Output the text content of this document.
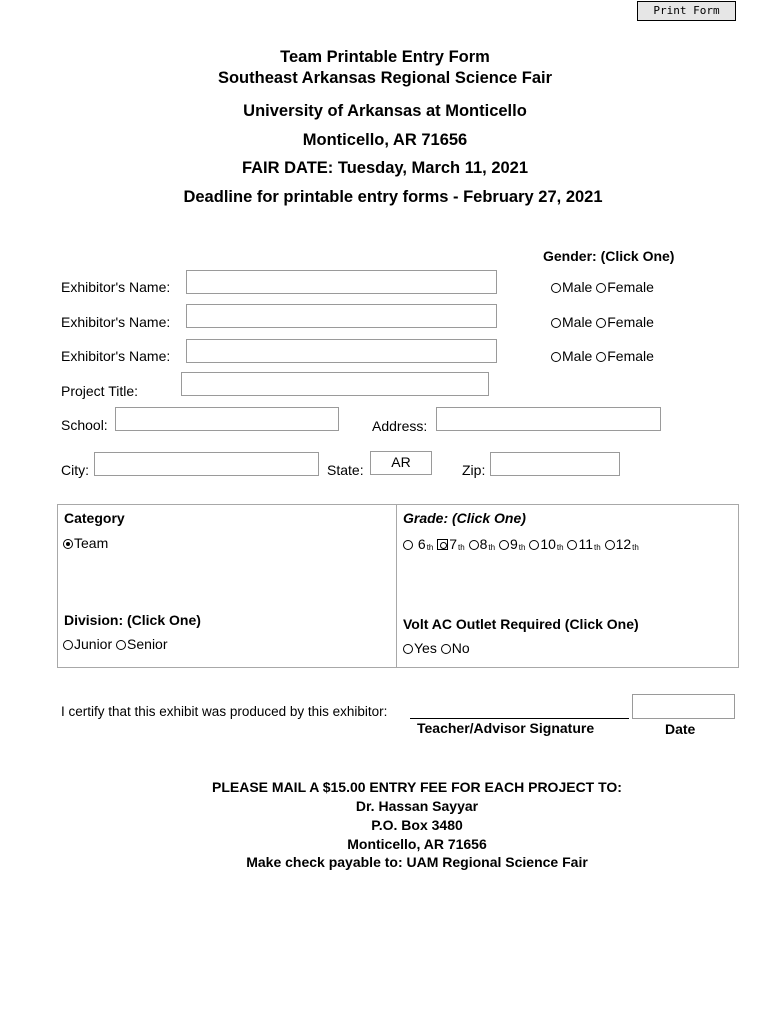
Print Form
Team Printable Entry Form
Southeast Arkansas Regional Science Fair
University of Arkansas at Monticello
Monticello, AR 71656
FAIR DATE: Tuesday, March 11, 2021
Deadline for printable entry forms - February 27, 2021
Gender: (Click One)
Exhibitor's Name:	Male Female
Exhibitor's Name:	Male Female
Exhibitor's Name:	Male Female
Project Title:
School:	Address:
City:	State:	AR	Zip:
Category
Team
Grade: (Click One)
$6_{th}$ $7_{th}$ $8_{th}$ $9_{th}$ $10_{th}$ $11_{th}$ $12_{th}$
Division: (Click One)
Junior Senior
Volt AC Outlet Required (Click One)
Yes No
I certify that this exhibit was produced by this exhibitor:
Teacher/Advisor Signature	Date
PLEASE MAIL A $15.00 ENTRY FEE FOR EACH PROJECT TO:
Dr. Hassan Sayyar
P.O. Box 3480
Monticello, AR 71656
Make check payable to: UAM Regional Science Fair
